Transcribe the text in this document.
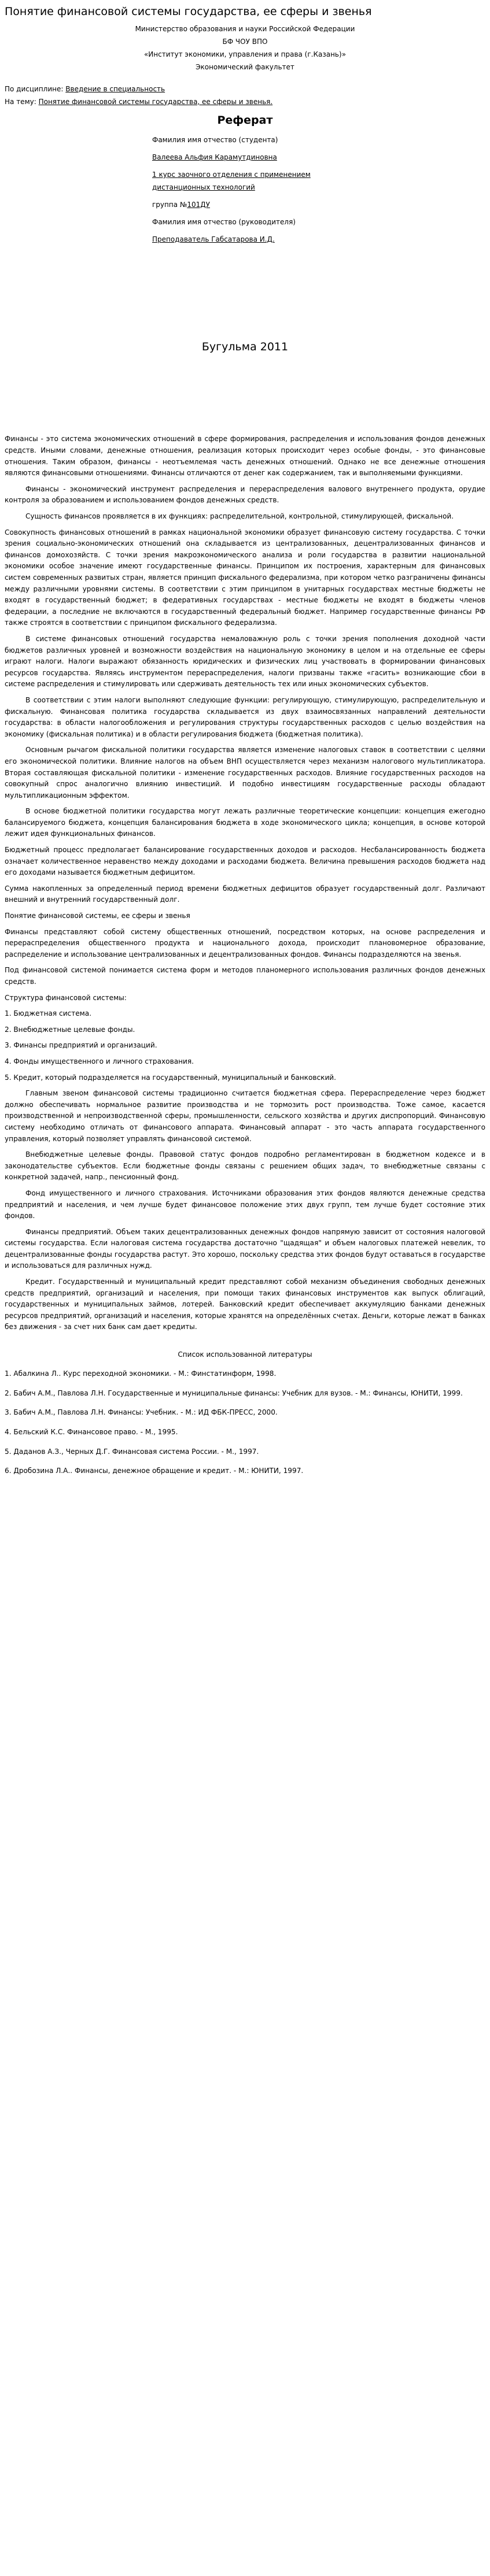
Понятие финансовой системы государства, ее сферы и звенья

Министерство образования и науки Российской Федерации

БФ ЧОУ ВПО

«Институт экономики, управления и права (г.Казань)»

Экономический факультет

По дисциплине: Введение в специальность

На тему: Понятие финансовой системы государства, ее сферы и звенья.

Реферат

Фамилия имя отчество (студента)

Валеева Альфия Карамутдиновна

1 курс заочного отделения с применением дистанционных технологий

группа №101ДУ

Фамилия имя отчество (руководителя)

Преподаватель Габсатарова И.Д.

Бугульма 2011

Финансы - это система экономических отношений в сфере формирования, распределения и использования фондов денежных средств. Иными словами, денежные отношения, реализация которых происходит через особые фонды, - это финансовые отношения. Таким образом, финансы - неотъемлемая часть денежных отношений. Однако не все денежные отношения являются финансовыми отношениями. Финансы отличаются от денег как содержанием, так и выполняемыми функциями.

Финансы - экономический инструмент распределения и перераспределения валового внутреннего продукта, орудие контроля за образованием и использованием фондов денежных средств.

Сущность финансов проявляется в их функциях: распределительной, контрольной, стимулирующей, фискальной.

Совокупность финансовых отношений в рамках национальной экономики образует финансовую систему государства. С точки зрения социально-экономических отношений она складывается из централизованных, децентрализованных финансов и финансов домохозяйств. С точки зрения макроэкономического анализа и роли государства в развитии национальной экономики особое значение имеют государственные финансы. Принципом их построения, характерным для финансовых систем современных развитых стран, является принцип фискального федерализма, при котором четко разграничены финансы между различными уровнями системы. В соответствии с этим принципом в унитарных государствах местные бюджеты не входят в государственный бюджет; в федеративных государствах - местные бюджеты не входят в бюджеты членов федерации, а последние не включаются в государственный федеральный бюджет. Например государственные финансы РФ также строятся в соответствии с принципом фискального федерализма.

В системе финансовых отношений государства немаловажную роль с точки зрения пополнения доходной части бюджетов различных уровней и возможности воздействия на национальную экономику в целом и на отдельные ее сферы играют налоги. Налоги выражают обязанность юридических и физических лиц участвовать в формировании финансовых ресурсов государства. Являясь инструментом перераспределения, налоги призваны также «гасить» возникающие сбои в системе распределения и стимулировать или сдерживать деятельность тех или иных экономических субъектов.

В соответствии с этим налоги выполняют следующие функции: регулирующую, стимулирующую, распределительную и фискальную. Финансовая политика государства складывается из двух взаимосвязанных направлений деятельности государства: в области налогообложения и регулирования структуры государственных расходов с целью воздействия на экономику (фискальная политика) и в области регулирования бюджета (бюджетная политика).

Основным рычагом фискальной политики государства является изменение налоговых ставок в соответствии с целями его экономической политики. Влияние налогов на объем ВНП осуществляется через механизм налогового мультипликатора. Вторая составляющая фискальной политики - изменение государственных расходов. Влияние государственных расходов на совокупный спрос аналогично влиянию инвестиций. И подобно инвестициям государственные расходы обладают мультипликационным эффектом.

В основе бюджетной политики государства могут лежать различные теоретические концепции: концепция ежегодно балансируемого бюджета, концепция балансирования бюджета в ходе экономического цикла; концепция, в основе которой лежит идея функциональных финансов.

Бюджетный процесс предполагает балансирование государственных доходов и расходов. Несбалансированность бюджета означает количественное неравенство между доходами и расходами бюджета. Величина превышения расходов бюджета над его доходами называется бюджетным дефицитом.

Сумма накопленных за определенный период времени бюджетных дефицитов образует государственный долг. Различают внешний и внутренний государственный долг.

Понятие финансовой системы, ее сферы и звенья

Финансы представляют собой систему общественных отношений, посредством которых, на основе распределения и перераспределения общественного продукта и национального дохода, происходит плановомерное образование, распределение и использование централизованных и децентрализованных фондов. Финансы подразделяются на звенья.

Под финансовой системой понимается система форм и методов планомерного использования различных фондов денежных средств.

Структура финансовой системы:

1. Бюджетная система.

2. Внебюджетные целевые фонды.

3. Финансы предприятий и организаций.

4. Фонды имущественного и личного страхования.

5. Кредит, который подразделяется на государственный, муниципальный и банковский.

Главным звеном финансовой системы традиционно считается бюджетная сфера. Перераспределение через бюджет должно обеспечивать нормальное развитие производства и не тормозить рост производства. Тоже самое, касается производственной и непроизводственной сферы, промышленности, сельского хозяйства и других диспропорций. Финансовую систему необходимо отличать от финансового аппарата. Финансовый аппарат - это часть аппарата государственного управления, который позволяет управлять финансовой системой.

Внебюджетные целевые фонды. Правовой статус фондов подробно регламентирован в бюджетном кодексе и в законодательстве субъектов. Если бюджетные фонды связаны с решением общих задач, то внебюджетные связаны с конкретной задачей, напр., пенсионный фонд.

Фонд имущественного и личного страхования. Источниками образования этих фондов являются денежные средства предприятий и населения, и чем лучше будет финансовое положение этих двух групп, тем лучше будет состояние этих фондов.

Финансы предприятий. Объем таких децентрализованных денежных фондов напрямую зависит от состояния налоговой системы государства. Если налоговая система государства достаточно "щадящая" и объем налоговых платежей невелик, то децентрализованные фонды государства растут. Это хорошо, поскольку средства этих фондов будут оставаться в государстве и использоваться для различных нужд.

Кредит. Государственный и муниципальный кредит представляют собой механизм объединения свободных денежных средств предприятий, организаций и населения, при помощи таких финансовых инструментов как выпуск облигаций, государственных и муниципальных займов, лотерей. Банковский кредит обеспечивает аккумуляцию банками денежных ресурсов предприятий, организаций и населения, которые хранятся на определённых счетах. Деньги, которые лежат в банках без движения - за счет них банк сам дает кредиты.

Список использованной литературы

1. Абалкина Л.. Курс переходной экономики. - М.: Финстатинформ, 1998.

2. Бабич А.М., Павлова Л.Н. Государственные и муниципальные финансы: Учебник для вузов. - М.: Финансы, ЮНИТИ, 1999.

3. Бабич А.М., Павлова Л.Н. Финансы: Учебник. - М.: ИД ФБК-ПРЕСС, 2000.

4. Бельский К.С. Финансовое право. - М., 1995.

5. Даданов А.З., Черных Д.Г. Финансовая система России. - М., 1997.

6. Дробозина Л.А.. Финансы, денежное обращение и кредит. - М.: ЮНИТИ, 1997.
